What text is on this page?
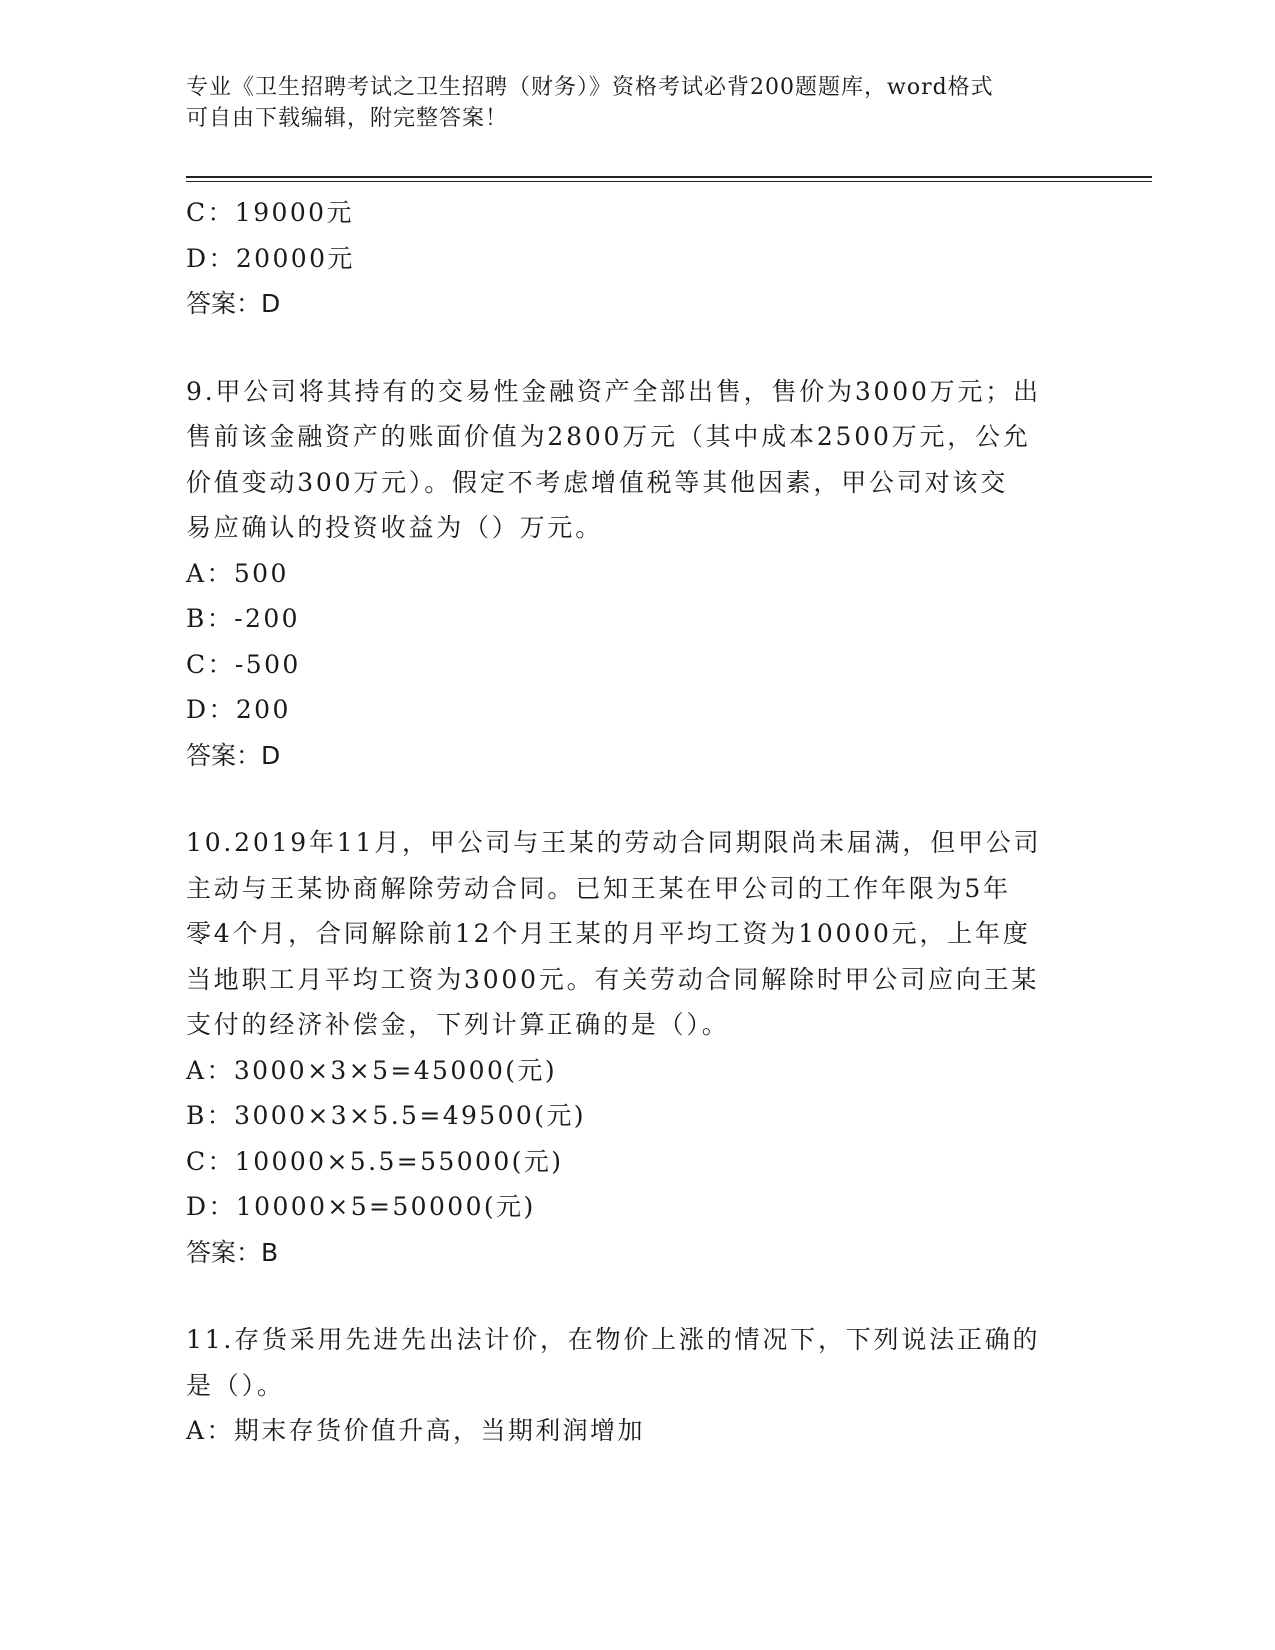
专业《卫生招聘考试之卫生招聘（财务）》资格考试必背200题题库，word格式
可自由下载编辑，附完整答案！
C：19000元
D：20000元
答案：D
9.甲公司将其持有的交易性金融资产全部出售，售价为3000万元；出
售前该金融资产的账面价值为2800万元（其中成本2500万元，公允
价值变动300万元）。假定不考虑增值税等其他因素，甲公司对该交
易应确认的投资收益为（）万元。
A：500
B：-200
C：-500
D：200
答案：D
10.2019年11月，甲公司与王某的劳动合同期限尚未届满，但甲公司
主动与王某协商解除劳动合同。已知王某在甲公司的工作年限为5年
零4个月，合同解除前12个月王某的月平均工资为10000元，上年度
当地职工月平均工资为3000元。有关劳动合同解除时甲公司应向王某
支付的经济补偿金，下列计算正确的是（）。
A：3000×3×5=45000(元)
B：3000×3×5.5=49500(元)
C：10000×5.5=55000(元)
D：10000×5=50000(元)
答案：B
11.存货采用先进先出法计价，在物价上涨的情况下，下列说法正确的
是（）。
A：期末存货价值升高，当期利润增加
